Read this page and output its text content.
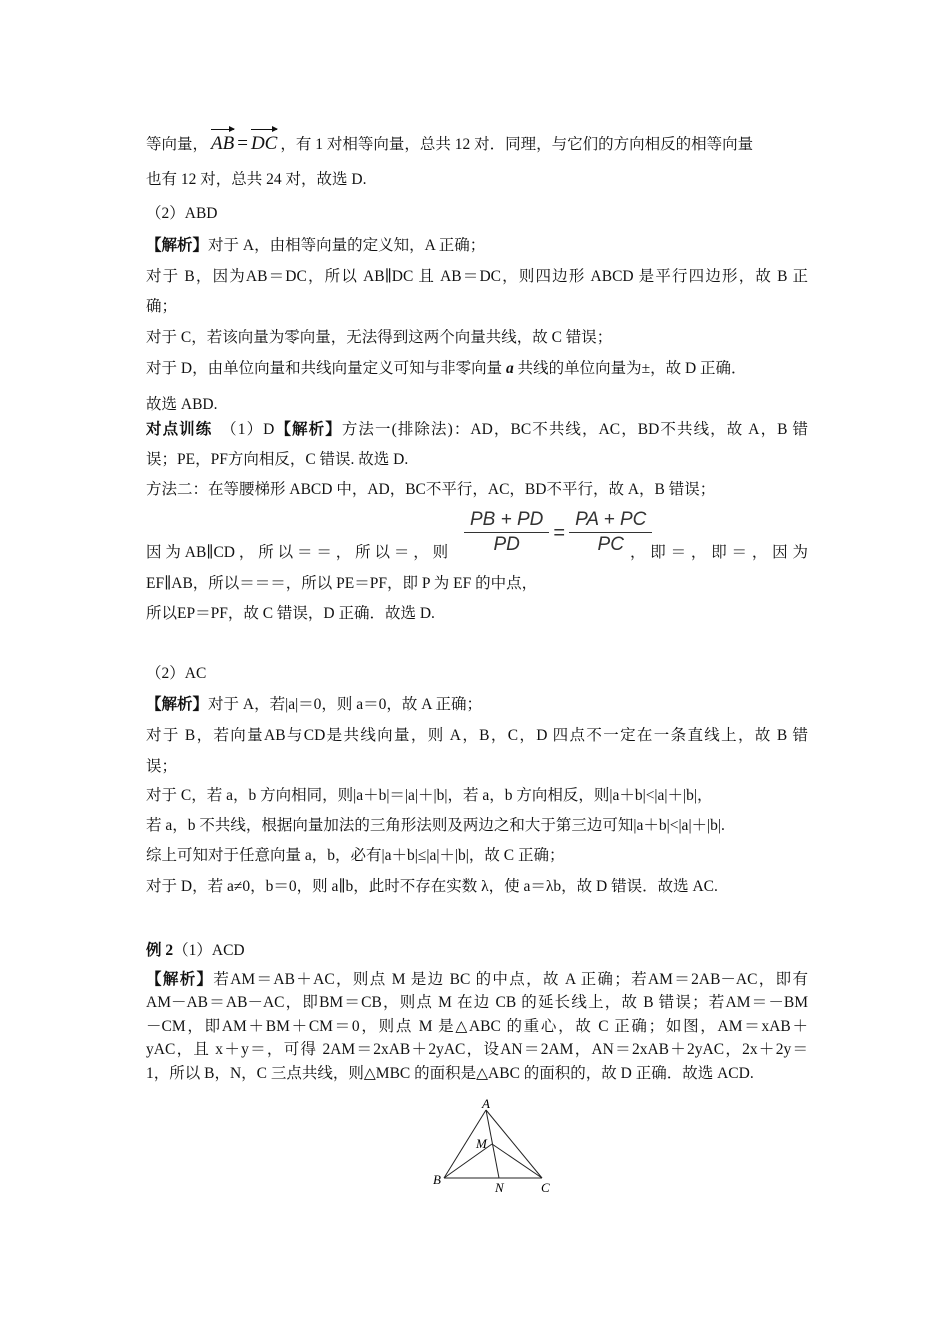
等向量， AB = DC ，有 1 对相等向量，总共 12 对．同理，与它们的方向相反的相等向量
也有 12 对，总共 24 对，故选 D.
（2）ABD
【解析】对于 A，由相等向量的定义知，A 正确；
对于 B，因为AB＝DC，所以 AB∥DC 且 AB＝DC，则四边形 ABCD 是平行四边形，故 B 正
确；
对于 C，若该向量为零向量，无法得到这两个向量共线，故 C 错误；
对于 D，由单位向量和共线向量定义可知与非零向量 a 共线的单位向量为±，故 D 正确．
故选 ABD.
对点训练　（1）D【解析】方法一(排除法)：AD，BC不共线，AC，BD不共线，故 A，B 错
误；PE，PF方向相反，C 错误. 故选 D.
方法二：在等腰梯形 ABCD 中，AD，BC不平行，AC，BD不平行，故 A，B 错误；
$\frac{PB + PD}{PD} = \frac{PA + PC}{PC}$
因 为 AB∥CD ， 所 以 ＝ ＝ ， 所 以 ＝ ， 则	， 即 ＝ ， 即 ＝ ， 因 为
EF∥AB，所以＝＝＝，所以 PE＝PF，即 P 为 EF 的中点，
所以EP＝PF，故 C 错误，D 正确．故选 D.
（2）AC
【解析】对于 A，若|a|＝0，则 a＝0，故 A 正确；
对于 B，若向量AB与CD是共线向量，则 A，B，C，D 四点不一定在一条直线上，故 B 错
误；
对于 C，若 a，b 方向相同，则|a＋b|＝|a|＋|b|，若 a，b 方向相反，则|a＋b|<|a|＋|b|，
若 a，b 不共线，根据向量加法的三角形法则及两边之和大于第三边可知|a＋b|<|a|＋|b|.
综上可知对于任意向量 a，b，必有|a＋b|≤|a|＋|b|，故 C 正确；
对于 D，若 a≠0，b＝0，则 a∥b，此时不存在实数 λ，使 a＝λb，故 D 错误．故选 AC.
例 2（1）ACD
【解析】若AM＝AB＋AC，则点 M 是边 BC 的中点，故 A 正确；若AM＝2AB－AC，即有
AM－AB＝AB－AC，即BM＝CB，则点 M 在边 CB 的延长线上，故 B 错误；若AM＝－BM
－CM，即AM＋BM＋CM＝0，则点 M 是△ABC 的重心，故 C 正确；如图，AM＝xAB＋
yAC，且 x＋y＝，可得 2AM＝2xAB＋2yAC，设AN＝2AM，AN＝2xAB＋2yAC，2x＋2y＝
1，所以 B，N，C 三点共线，则△MBC 的面积是△ABC 的面积的，故 D 正确．故选 ACD.
A
B
C
M
N
